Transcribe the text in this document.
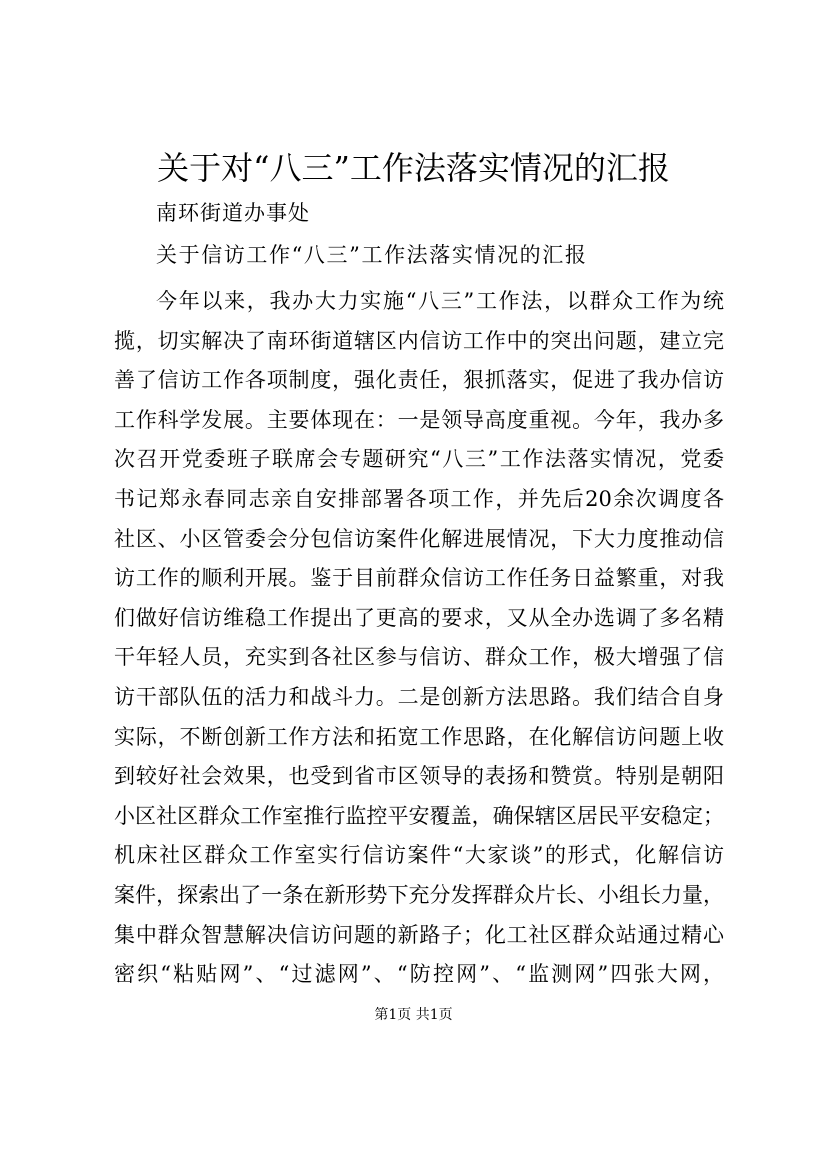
关于对“八三”工作法落实情况的汇报
南环街道办事处
关于信访工作“八三”工作法落实情况的汇报
今年以来，我办大力实施“八三”工作法，以群众工作为统
揽，切实解决了南环街道辖区内信访工作中的突出问题，建立完
善了信访工作各项制度，强化责任，狠抓落实，促进了我办信访
工作科学发展。主要体现在：一是领导高度重视。今年，我办多
次召开党委班子联席会专题研究“八三”工作法落实情况，党委
书记郑永春同志亲自安排部署各项工作，并先后20余次调度各
社区、小区管委会分包信访案件化解进展情况，下大力度推动信
访工作的顺利开展。鉴于目前群众信访工作任务日益繁重，对我
们做好信访维稳工作提出了更高的要求，又从全办选调了多名精
干年轻人员，充实到各社区参与信访、群众工作，极大增强了信
访干部队伍的活力和战斗力。二是创新方法思路。我们结合自身
实际，不断创新工作方法和拓宽工作思路，在化解信访问题上收
到较好社会效果，也受到省市区领导的表扬和赞赏。特别是朝阳
小区社区群众工作室推行监控平安覆盖，确保辖区居民平安稳定；
机床社区群众工作室实行信访案件“大家谈”的形式，化解信访
案件，探索出了一条在新形势下充分发挥群众片长、小组长力量，
集中群众智慧解决信访问题的新路子；化工社区群众站通过精心
密织“粘贴网”、“过滤网”、“防控网”、“监测网”四张大网，
第1页 共1页
